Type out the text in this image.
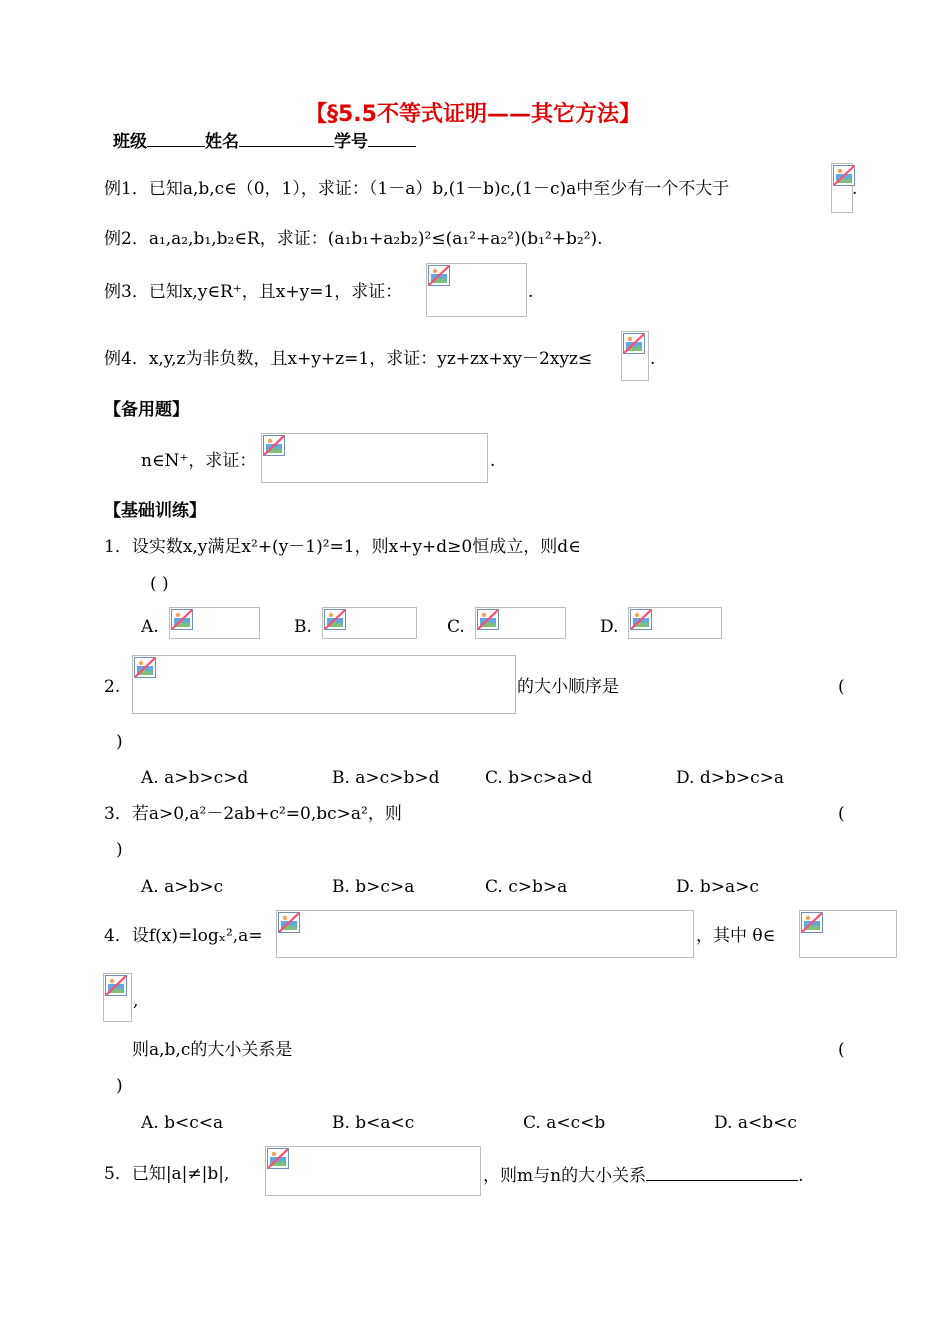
【§5.5不等式证明——其它方法】
班级	姓名	学号
例1．已知a,b,c∈（0，1），求证：（1－a）b,(1－b)c,(1－c)a中至少有一个不大于	.
例2．a₁,a₂,b₁,b₂∈R，求证：(a₁b₁+a₂b₂)²≤(a₁²+a₂²)(b₁²+b₂²).
例3．已知x,y∈R⁺，且x+y=1，求证：	.
例4．x,y,z为非负数，且x+y+z=1，求证：yz+zx+xy－2xyz≤	.
【备用题】
n∈N⁺，求证：	.
【基础训练】
1．设实数x,y满足x²+(y－1)²=1，则x+y+d≥0恒成立，则d∈
( )
A.	B.	C.	D.
2.	的大小顺序是	(
)
A. a>b>c>d	B. a>c>b>d	C. b>c>a>d	D. d>b>c>a
3．若a>0,a²－2ab+c²=0,bc>a²，则	(
)
A. a>b>c	B. b>c>a	C. c>b>a	D. b>a>c
4．设f(x)=logₓ²,a=	，其中 θ∈
,
则a,b,c的大小关系是	(
)
A. b<c<a	B. b<a<c	C. a<c<b	D. a<b<c
5．已知|a|≠|b|,	，则m与n的大小关系	.
